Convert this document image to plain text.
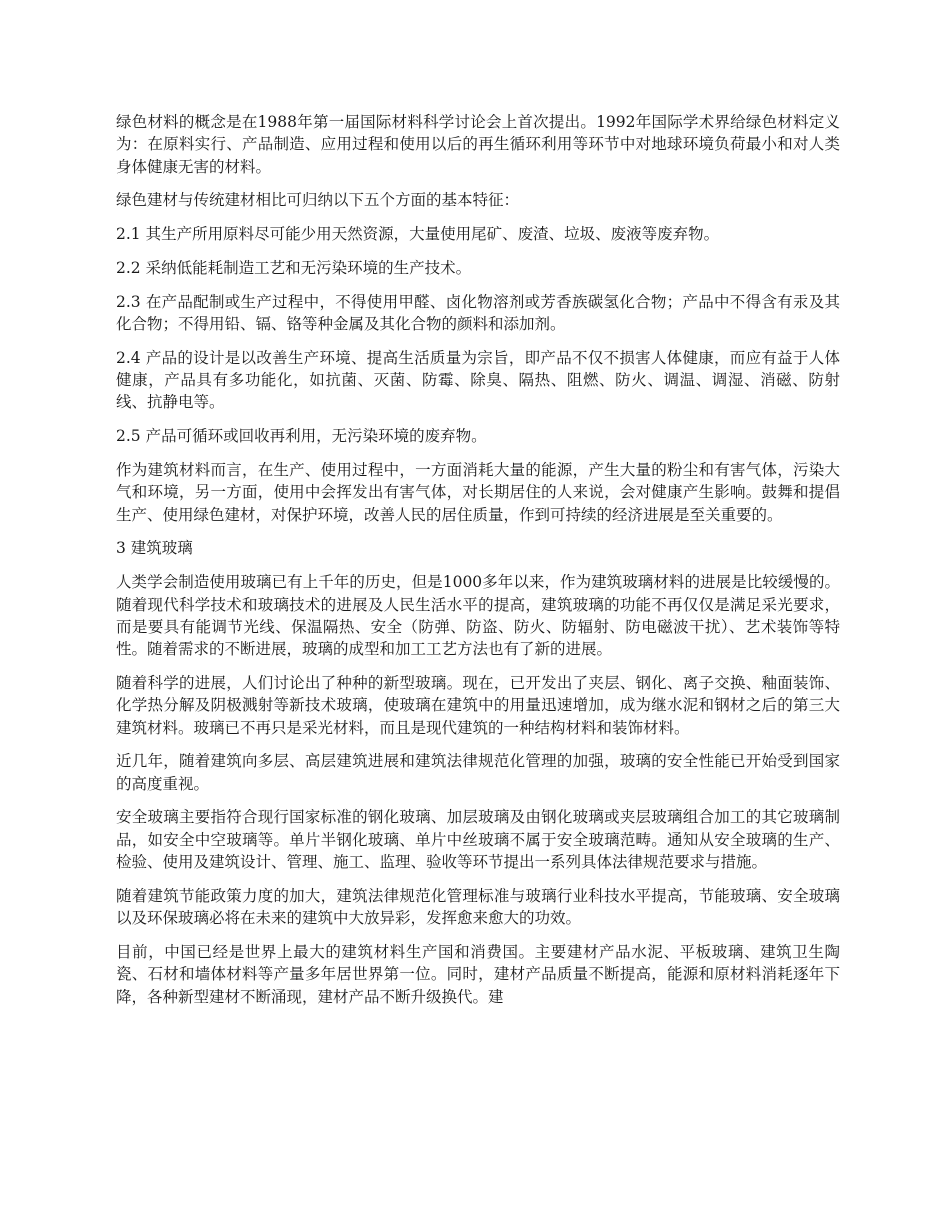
绿色材料的概念是在1988年第一届国际材料科学讨论会上首次提出。1992年国际学术界给绿色材料定义为：在原料实行、产品制造、应用过程和使用以后的再生循环利用等环节中对地球环境负荷最小和对人类身体健康无害的材料。

绿色建材与传统建材相比可归纳以下五个方面的基本特征：

2.1 其生产所用原料尽可能少用天然资源，大量使用尾矿、废渣、垃圾、废液等废弃物。

2.2 采纳低能耗制造工艺和无污染环境的生产技术。

2.3 在产品配制或生产过程中，不得使用甲醛、卤化物溶剂或芳香族碳氢化合物；产品中不得含有汞及其化合物；不得用铅、镉、铬等种金属及其化合物的颜料和添加剂。

2.4 产品的设计是以改善生产环境、提高生活质量为宗旨，即产品不仅不损害人体健康，而应有益于人体健康，产品具有多功能化，如抗菌、灭菌、防霉、除臭、隔热、阻燃、防火、调温、调湿、消磁、防射线、抗静电等。

2.5 产品可循环或回收再利用，无污染环境的废弃物。

作为建筑材料而言，在生产、使用过程中，一方面消耗大量的能源，产生大量的粉尘和有害气体，污染大气和环境，另一方面，使用中会挥发出有害气体，对长期居住的人来说，会对健康产生影响。鼓舞和提倡生产、使用绿色建材，对保护环境，改善人民的居住质量，作到可持续的经济进展是至关重要的。

3 建筑玻璃

人类学会制造使用玻璃已有上千年的历史，但是1000多年以来，作为建筑玻璃材料的进展是比较缓慢的。随着现代科学技术和玻璃技术的进展及人民生活水平的提高，建筑玻璃的功能不再仅仅是满足采光要求，而是要具有能调节光线、保温隔热、安全（防弹、防盗、防火、防辐射、防电磁波干扰）、艺术装饰等特性。随着需求的不断进展，玻璃的成型和加工工艺方法也有了新的进展。

随着科学的进展，人们讨论出了种种的新型玻璃。现在，已开发出了夹层、钢化、离子交换、釉面装饰、化学热分解及阴极溅射等新技术玻璃，使玻璃在建筑中的用量迅速增加，成为继水泥和钢材之后的第三大建筑材料。玻璃已不再只是采光材料，而且是现代建筑的一种结构材料和装饰材料。

近几年，随着建筑向多层、高层建筑进展和建筑法律规范化管理的加强，玻璃的安全性能已开始受到国家的高度重视。

安全玻璃主要指符合现行国家标准的钢化玻璃、加层玻璃及由钢化玻璃或夹层玻璃组合加工的其它玻璃制品，如安全中空玻璃等。单片半钢化玻璃、单片中丝玻璃不属于安全玻璃范畴。通知从安全玻璃的生产、检验、使用及建筑设计、管理、施工、监理、验收等环节提出一系列具体法律规范要求与措施。

随着建筑节能政策力度的加大，建筑法律规范化管理标准与玻璃行业科技水平提高，节能玻璃、安全玻璃以及环保玻璃必将在未来的建筑中大放异彩，发挥愈来愈大的功效。

目前，中国已经是世界上最大的建筑材料生产国和消费国。主要建材产品水泥、平板玻璃、建筑卫生陶瓷、石材和墙体材料等产量多年居世界第一位。同时，建材产品质量不断提高，能源和原材料消耗逐年下降，各种新型建材不断涌现，建材产品不断升级换代。建
